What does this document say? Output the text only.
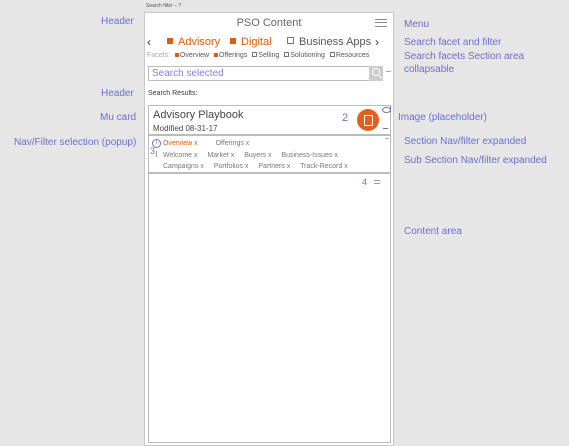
Search filter – ?
Header
Header
Mu card
Nav/Filter selection (popup)
Menu
Search facet and filter
Search facets Section area collapsable
Image (placeholder)
Section Nav/filter expanded
Sub Section Nav/filter expanded
Content area
PSO Content
‹	Advisory	Digital	Business Apps ›
Facets: Overview Offerings Selling Solutioning Resources
Search selected
Search Results:
Advisory Playbook
Modified 08-31-17
2
i
3
Overview x	Offerings x
Welcome x Market x Buyers x Business-Issues x
Campaigns x Portfolios x Partners x Track-Record x
4
